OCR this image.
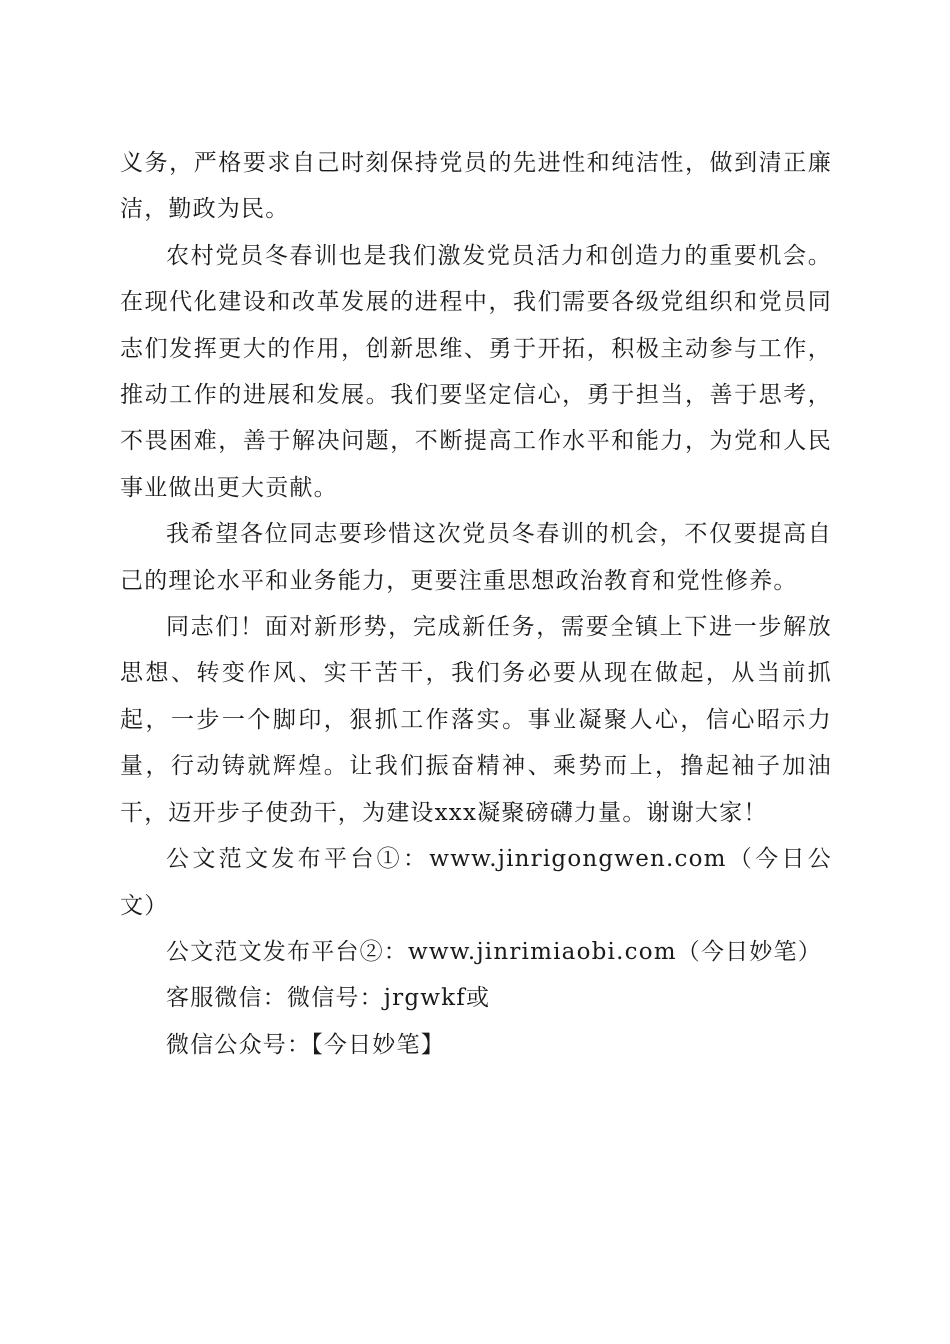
义务，严格要求自己时刻保持党员的先进性和纯洁性，做到清正廉洁，勤政为民。

农村党员冬春训也是我们激发党员活力和创造力的重要机会。在现代化建设和改革发展的进程中，我们需要各级党组织和党员同志们发挥更大的作用，创新思维、勇于开拓，积极主动参与工作，推动工作的进展和发展。我们要坚定信心，勇于担当，善于思考，不畏困难，善于解决问题，不断提高工作水平和能力，为党和人民事业做出更大贡献。

我希望各位同志要珍惜这次党员冬春训的机会，不仅要提高自己的理论水平和业务能力，更要注重思想政治教育和党性修养。

同志们！面对新形势，完成新任务，需要全镇上下进一步解放思想、转变作风、实干苦干，我们务必要从现在做起，从当前抓起，一步一个脚印，狠抓工作落实。事业凝聚人心，信心昭示力量，行动铸就辉煌。让我们振奋精神、乘势而上，撸起袖子加油干，迈开步子使劲干，为建设xxx凝聚磅礴力量。谢谢大家！

公文范文发布平台①：www.jinrigongwen.com（今日公文）

公文范文发布平台②：www.jinrimiaobi.com（今日妙笔）

客服微信：微信号：jrgwkf或

微信公众号：【今日妙笔】
